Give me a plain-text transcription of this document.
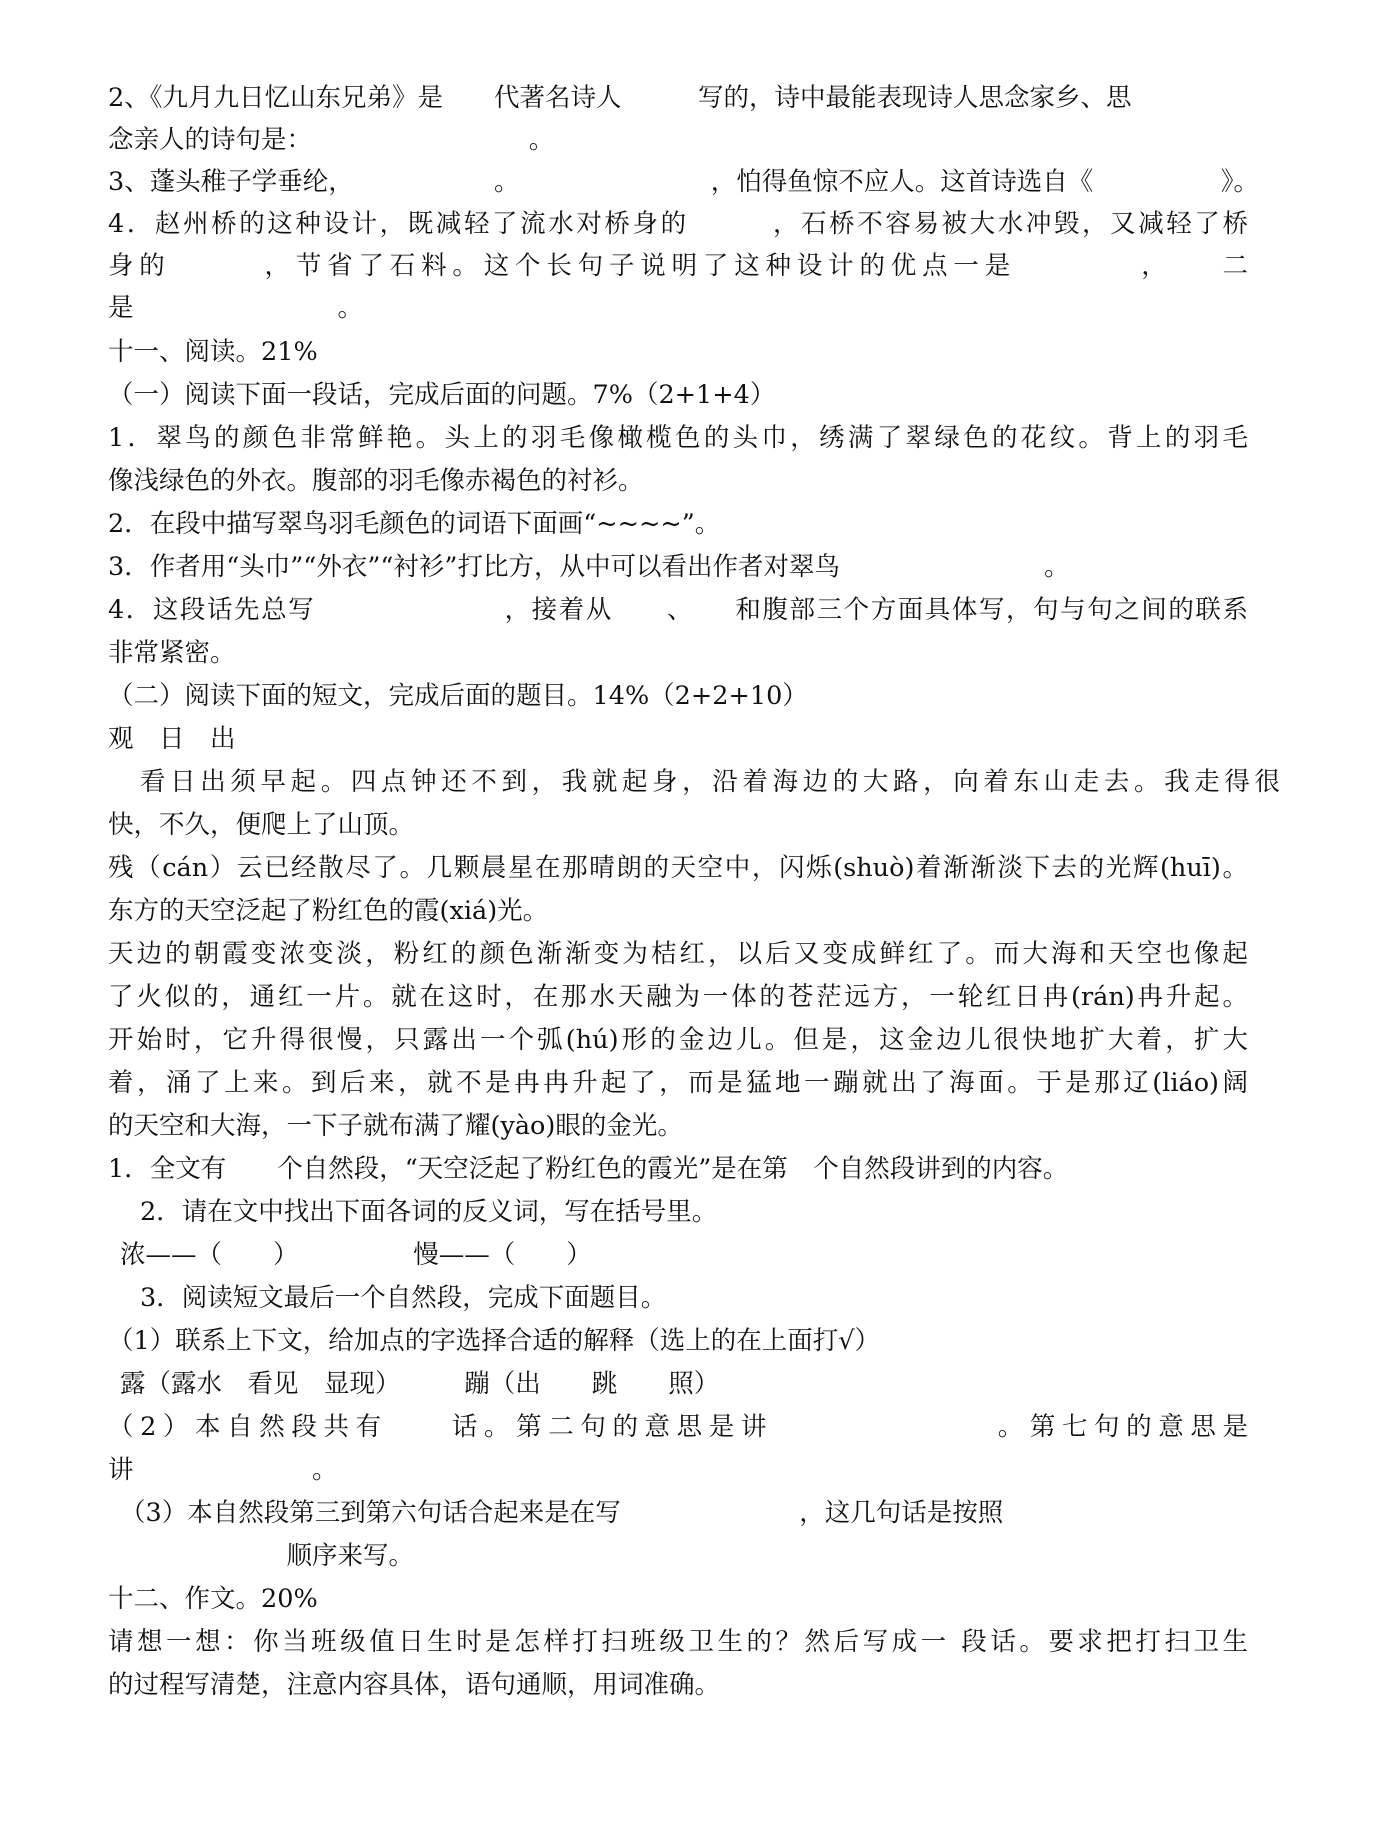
2、《九月九日忆山东兄弟》是　　代著名诗人　　　写的，诗中最能表现诗人思念家乡、思
念亲人的诗句是：　　　　　　　　　。
3、蓬头稚子学垂纶，　　　　　　。　　　　　　　　，怕得鱼惊不应人。这首诗选自《　　　　　》。
4．赵州桥的这种设计，既减轻了流水对桥身的　　　，石桥不容易被大水冲毁，又减轻了桥
身的　　　，节省了石料。这个长句子说明了这种设计的优点一是　　　　，　　二
是　　　　　　　　。
十一、阅读。21%
（一）阅读下面一段话，完成后面的问题。7%（2+1+4）
1．翠鸟的颜色非常鲜艳。头上的羽毛像橄榄色的头巾，绣满了翠绿色的花纹。背上的羽毛
像浅绿色的外衣。腹部的羽毛像赤褐色的衬衫。
2．在段中描写翠鸟羽毛颜色的词语下面画“~~~~”。
3．作者用“头巾”“外衣”“衬衫”打比方，从中可以看出作者对翠鸟　　　　　　　　。
4．这段话先总写　　　　　　　，接着从　　、　　和腹部三个方面具体写，句与句之间的联系
非常紧密。
（二）阅读下面的短文，完成后面的题目。14%（2+2+10）
观　日　出
看日出须早起。四点钟还不到，我就起身，沿着海边的大路，向着东山走去。我走得很
快，不久，便爬上了山顶。
残（cán）云已经散尽了。几颗晨星在那晴朗的天空中，闪烁(shuò)着渐渐淡下去的光辉(huī)。
东方的天空泛起了粉红色的霞(xiá)光。
天边的朝霞变浓变淡，粉红的颜色渐渐变为桔红，以后又变成鲜红了。而大海和天空也像起
了火似的，通红一片。就在这时，在那水天融为一体的苍茫远方，一轮红日冉(rán)冉升起。
开始时，它升得很慢，只露出一个弧(hú)形的金边儿。但是，这金边儿很快地扩大着，扩大
着，涌了上来。到后来，就不是冉冉升起了，而是猛地一蹦就出了海面。于是那辽(liáo)阔
的天空和大海，一下子就布满了耀(yào)眼的金光。
1．全文有　　个自然段，“天空泛起了粉红色的霞光”是在第　个自然段讲到的内容。
2．请在文中找出下面各词的反义词，写在括号里。
浓——（　　）　　　　　慢——（　　）
3．阅读短文最后一个自然段，完成下面题目。
（1）联系上下文，给加点的字选择合适的解释（选上的在上面打√）
露（露水　看见　显现）　　　蹦（出　　跳　　照）
（2）本自然段共有　　话。第二句的意思是讲　　　　　　　。第七句的意思是
讲　　　　　　　。
（3）本自然段第三到第六句话合起来是在写　　　　　　　，这几句话是按照
　　　　　　　顺序来写。
十二、作文。20%
请想一想：你当班级值日生时是怎样打扫班级卫生的？然后写成一 段话。要求把打扫卫生
的过程写清楚，注意内容具体，语句通顺，用词准确。
